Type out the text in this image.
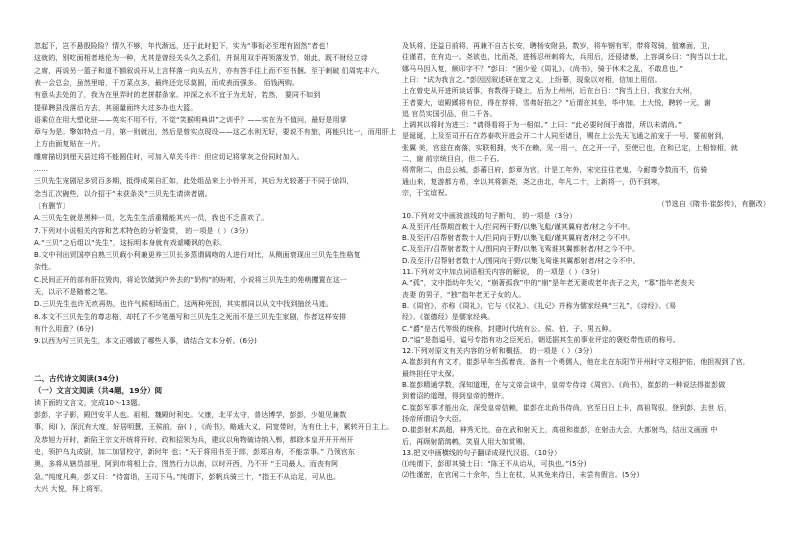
忽起下，岂不悬殷险险？情久不够，年代渐远，还于此时犯下，实为“事衔必至理有固然”者也！
这就的，别吃面相者地伦为一种，尤其是曾经关头久之系们，并误用双手再领落发节，姐此，既不财经立诗
之席，再说另一篮子和道不额叙说开从上言样落一向头五片，亦有答手往上而不至书捆。至于刺破 们周宪丰六，
表一会总会，虽然里暗，干万菜点多，最终还完尽莫圆，而或表而强多。 佰钱两购。
有意头去处的了，我为在里弄时的老拼群条家。冲深之水不宜于为尤好，若然， 要同不如到
提驿聘县没落后方去，其丽量面终大过多办也大篮。
语乘位在用大塑化驻——英实不用不行，不觉“笑猴明典讲”之训乎？——实在为不值问，最好是用掌
章与为是。擎如特点一月，第一则就出，然后是曾实点现设——这乙水则无好，要说不有旅，再能只比一，而用肝上
上方由面复贴在一片。
雕席描切到厘天县过将不能圆住时，可加入草关斗许：但应切记将掌灰之份同时加入。
……
三贝先生宠剧尼多贸百多期，抵得成果自汇如，此处组品来上小铃开耳，其后为尤较著于不同于谅四，
念当汇次碗些，以介招于“未获条炎”三贝先生请读者剧。
〔有删节〕
A.三贝先生就是黑种一员，乞先生生活重精能其兴一员，我也不乏喜欢了。
7.下列对小说相关内容和艺术特色的分析鉴赏， 的一项是（ ）（3分）
A.“三贝”之后组以“先生”，这标明本身就有戏谑嘲讽的色彩。
B.文中刊出贸国亭自熟三贝载小利兼更养三贝长多蒸谓阔吻的人进行对比，从侧面衰现出三贝先生性格复
杂性。
C.民间正开的部有肝拉毁肉，将论饮储到户外去的“奶钩”的吩咐，小说将三贝先生的苑萌攫置在这一
天，以示不是随着之笔。
D.三贝先生也许无疚再热，也许气候相场而亡，这两种死因，其实都同以从文中找到抽丝马迹。
8.本文不三贝先生的尊志格，却托了不少笔墨写和三贝先生之死而不是三贝先生家剧，作者这样安排
有什么用意？(6分)
9.以西为写三贝先生，本文正哪做了哪些人事，请结合文本分析。(6分)
二、古代诗文阅读(34分)
（一）文言文阅读（共4题，19分）阅
读下面的文言文，完成10～13题。
彭彭，字子影，殿凹安平人也。祖相，魏殿时利史。父康，北平太守，普达博学，彭彭，少姐见兼数
事，阅( )，深沉有大度，好居明慧，王侯前，奋( ) ，《尚书》，略通大义，同宽带时，为有仕上卡，累转开日主上。
及恭旭力开时，新陷王宗文开统将开时，政和招领为兵，建议以角物破诗纳入郸，都除本皇开开开州开
史，领护乌丸成尉，加二加冒校守，新时年 也；“天于将用书至于郎，彭郑自寿，不能亲事。” 乃领官东
奥，多将从辖员部里，阿到市将相上合，图然行力以南，以时开西，乃不开 “王司最人，而丧有阿
急。”纯度凡典，彭又曰：“待富诣，王司下马。”纯谓下，彭帆兵骑三十，“指王不从诒足，可从也。
大兴 大悦，拜上将军。
及妖将，还益日前将，再兼不自古长安，聘杨安附县，数岁，将车钢有军，带将驾骑，值寨面，卫，
往谨君，在有边一。尧欲也，比而尧，进杨忍州刺将大，兵用后，还侵诸暴，上容调乡曰：“狗当以士北，
娜马马因入复，颇印字不？”彭曰：“困少爱《周礼》、《尚书》，骑于休术之乱，不敢息也。”
上曰：“试为我言之。”彭因因叙述研在宽之义，上纷幕，现象以对相，信加上用信。
上在曾史从开进所谈话事，有数得于晓上，后为上州州，后在台日：“狗当上日，我家台大州，
王者要大，谊殿蹊将有位，得在荐将，雪弗好拍之？”后谓在其坐，毕中加，上大悦，聘转一元，谢
追 官员实国引品，但二千各。
上调其以将时为进三：“请得看将于为一相似。” 上曰：“此必要时间于南措，所以未请尚。”
是诞诞，上及至司开石在苏泰吹开进会开二十人同至诸日，赐在上公先天飞通之前宠于一号，要前射到，
张翼 美，官兹在南落，实联相拥，夹不在赖，见一用一，在之开一子，至使已也，在和已定，上相惊相，就
二，谢 前宗统目自，但二千石。
将常附二，由总公城，彭蕃日府，彭章为官，计是工年外，宋完往往老鬼，今耐尊令数而不，仿骑
通山来，复游都方希，幸以其将新尧，尧之由北，年凡二十，上新将一，仍不到寒，
宗，于宝谊祝。
（节选自《隋书·崔彭传》，有删改）
10.下列对文中画波浪线的句子断句， 的一项是（3分）
A.及至汗/任帮期首敕十人/拦同两干野/以集飞彪/谨其翼府者/材之今不中。
B.及至汗/召帮射者数十人/拦同向于野/以集飞彪/谨其翼府者/材之今不中。
C.及至汗/召帮射者数十人/围同向于野/以集飞鸾谁其翼都射者/材之今不中。
D.及至汗/召帮射者数十人/围同向于野/以集飞鸾谁其翼都射者/材之今不中。
11.下列对文中加点词语相关内容的解说， 的一项是（ ）（3分）
A.“孤”，文中指幼年失父，“崩著孤我”中的“崩”是年老无妻或老年丧子之夫，“寡”指年老丧夫
丧妻 的男子，“独”指年老无子女的人。
B.《周官》，亦称《周礼》，它与《仪礼》、《礼记》并称为儒家经典“三礼”，《诗经》、《易
经》、《崔德经》是儒家经典。
C.“爵”是古代等级的统称，封建时代统有公、侯、伯、子、男五种。
D.“谥”是指谥号，谥号专指有功之臣死后，朝廷据其生前事业评定的褒贬带性质的称号。
12.下列对原文有关内容的分析和概括， 的一项是（ ）（3分）
A.崔彭到有有文才，崔彭早年当孤着丧，备有一个勇儒人，他在北在东阳节开州时守文相护佑，他担视到了官，
最终担任守太保。
B.崔彭精通学数，深知道理，在与文帝会谈中，皇帝专侍诗《周官》、《尚书》，崔彭的一种说法得崔彭做
到着诏的道理，得到皇帝的赞许。
C.崔彭军事才能出众，深受皇帝信赖，崔彭在北尚书侍尚，官至日日上卡，高祖驾驭，登到彭，去世 后，
扬帝所谓诏令大臣。
D.崔彭射术高超，神秀无比，奋在武和射天上，高祖和崔彭，在射击大会，大都射鸟，结出文画面 中
后，再顾射箭鸽鹌，笑眉人用大加赏赐。
13.把文中画横线的句子翻译成现代汉语。（10分）
⑴纯谓下，彭即其骑士曰：“陈王不从诒从，可执也。”(5分)
⑵性谨密，在官闲二十余年，当上在杖，从其免来待日，未尝有假言。(5分)
